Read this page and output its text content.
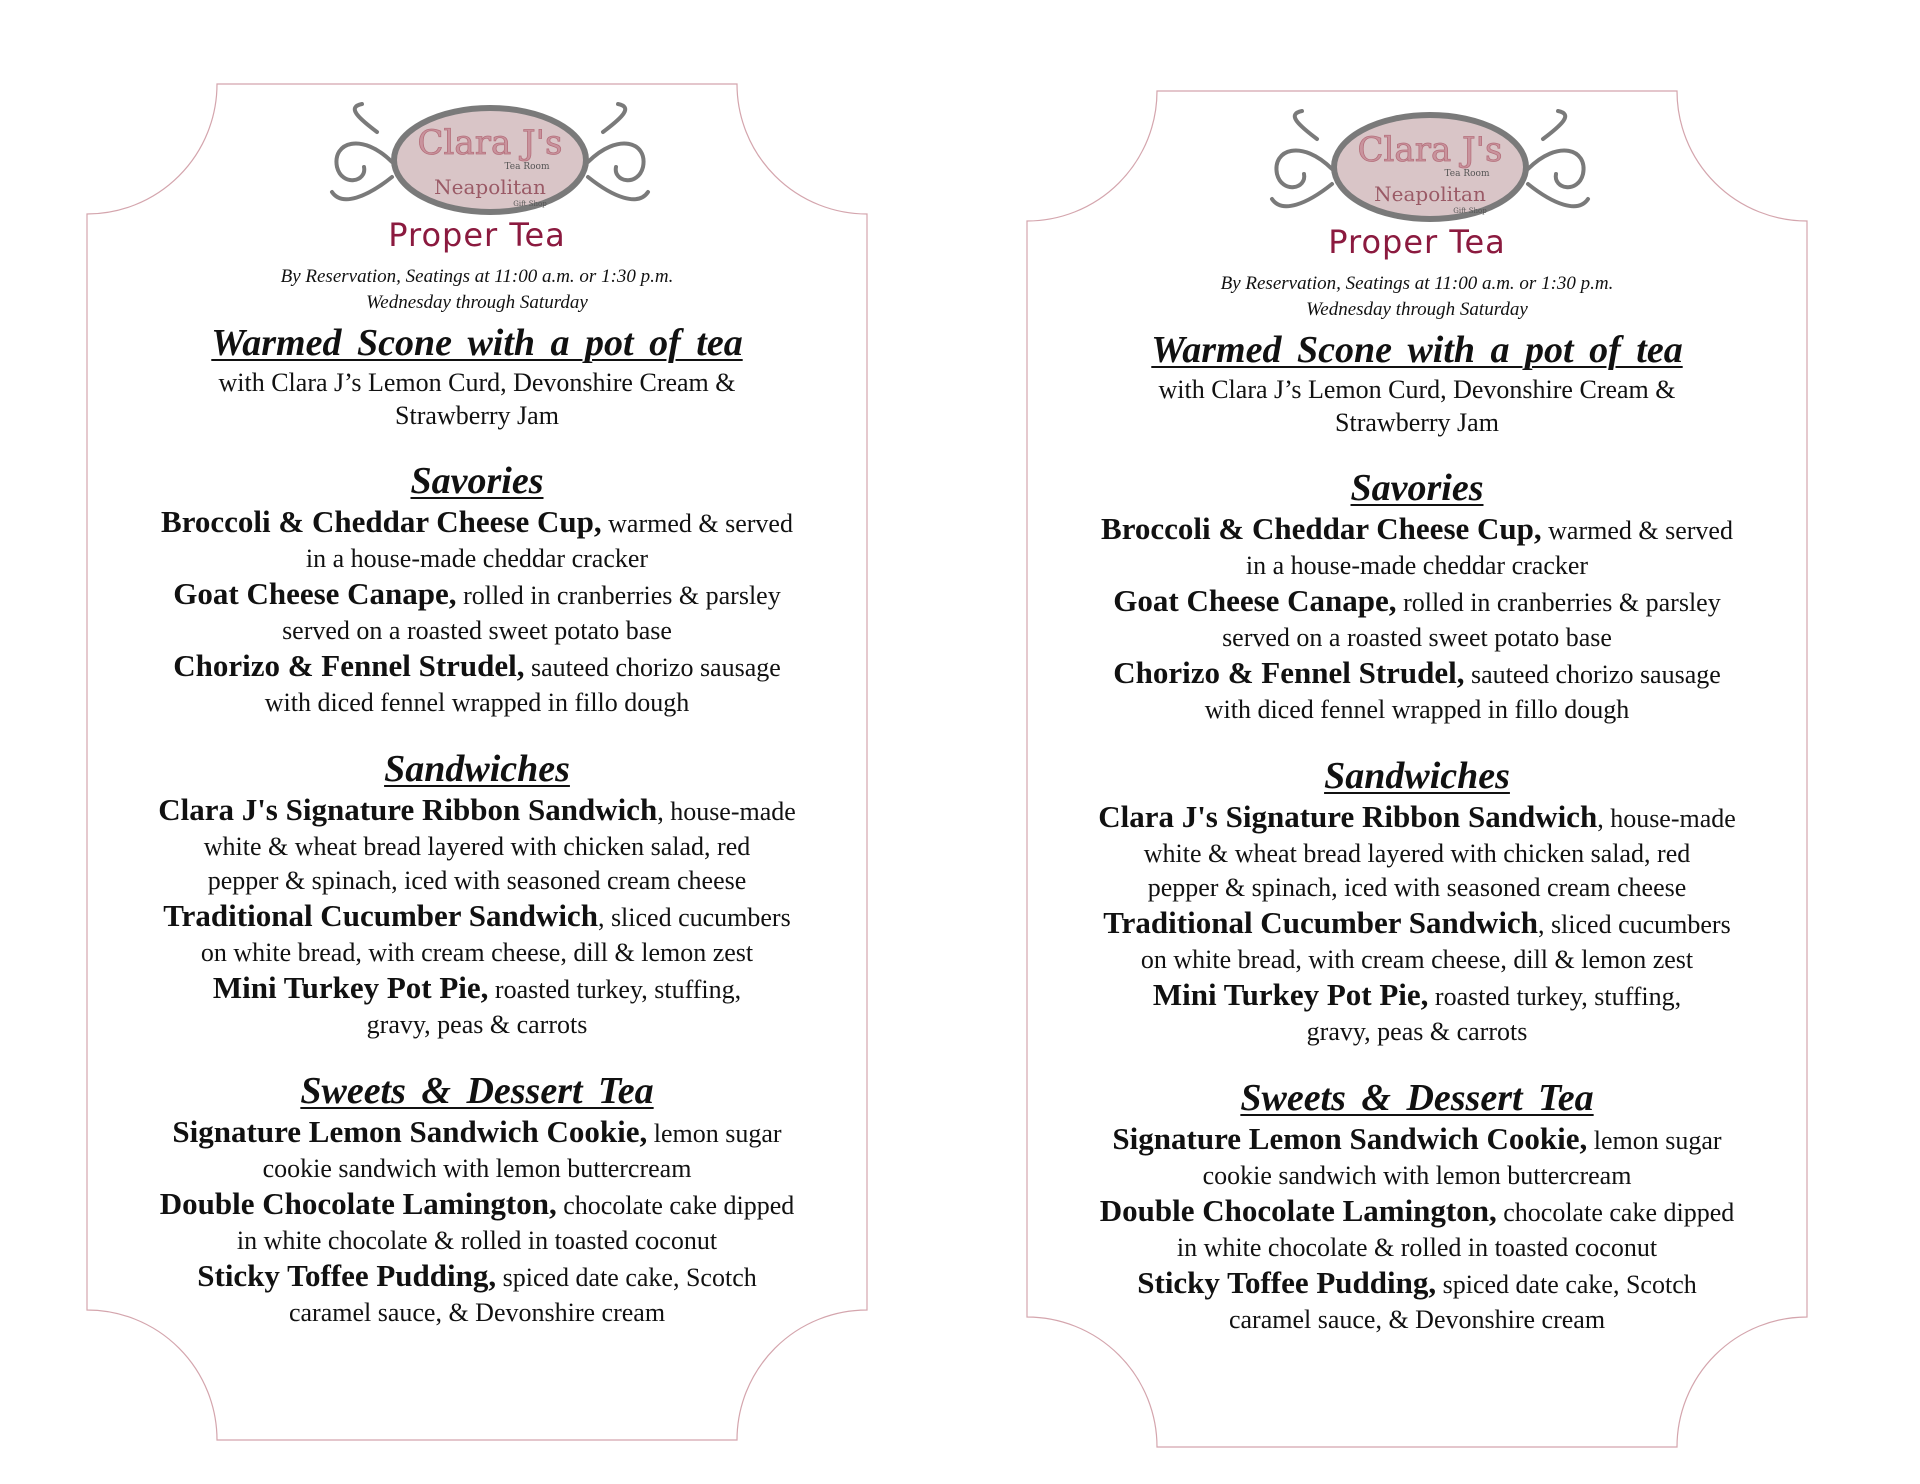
Clara J's
Tea Room
Neapolitan
Gift Shop
Proper Tea
By Reservation, Seatings at 11:00 a.m. or 1:30 p.m.
Wednesday through Saturday
Warmed Scone with a pot of tea

with Clara J’s Lemon Curd, Devonshire Cream &
Strawberry Jam

Savories

Broccoli & Cheddar Cheese Cup, warmed & served
in a house-made cheddar cracker

Goat Cheese Canape, rolled in cranberries & parsley
served on a roasted sweet potato base

Chorizo & Fennel Strudel, sauteed chorizo sausage
with diced fennel wrapped in fillo dough

Sandwiches

Clara J's Signature Ribbon Sandwich, house-made
white & wheat bread layered with chicken salad, red
pepper & spinach, iced with seasoned cream cheese

Traditional Cucumber Sandwich, sliced cucumbers
on white bread, with cream cheese, dill & lemon zest

Mini Turkey Pot Pie, roasted turkey, stuffing,
gravy, peas & carrots

Sweets & Dessert Tea

Signature Lemon Sandwich Cookie, lemon sugar
cookie sandwich with lemon buttercream

Double Chocolate Lamington, chocolate cake dipped
in white chocolate & rolled in toasted coconut

Sticky Toffee Pudding, spiced date cake, Scotch
caramel sauce, & Devonshire cream

Clara J's
Tea Room
Neapolitan
Gift Shop
Proper Tea
By Reservation, Seatings at 11:00 a.m. or 1:30 p.m.
Wednesday through Saturday
Warmed Scone with a pot of tea

with Clara J’s Lemon Curd, Devonshire Cream &
Strawberry Jam

Savories

Broccoli & Cheddar Cheese Cup, warmed & served
in a house-made cheddar cracker

Goat Cheese Canape, rolled in cranberries & parsley
served on a roasted sweet potato base

Chorizo & Fennel Strudel, sauteed chorizo sausage
with diced fennel wrapped in fillo dough

Sandwiches

Clara J's Signature Ribbon Sandwich, house-made
white & wheat bread layered with chicken salad, red
pepper & spinach, iced with seasoned cream cheese

Traditional Cucumber Sandwich, sliced cucumbers
on white bread, with cream cheese, dill & lemon zest

Mini Turkey Pot Pie, roasted turkey, stuffing,
gravy, peas & carrots

Sweets & Dessert Tea

Signature Lemon Sandwich Cookie, lemon sugar
cookie sandwich with lemon buttercream

Double Chocolate Lamington, chocolate cake dipped
in white chocolate & rolled in toasted coconut

Sticky Toffee Pudding, spiced date cake, Scotch
caramel sauce, & Devonshire cream
